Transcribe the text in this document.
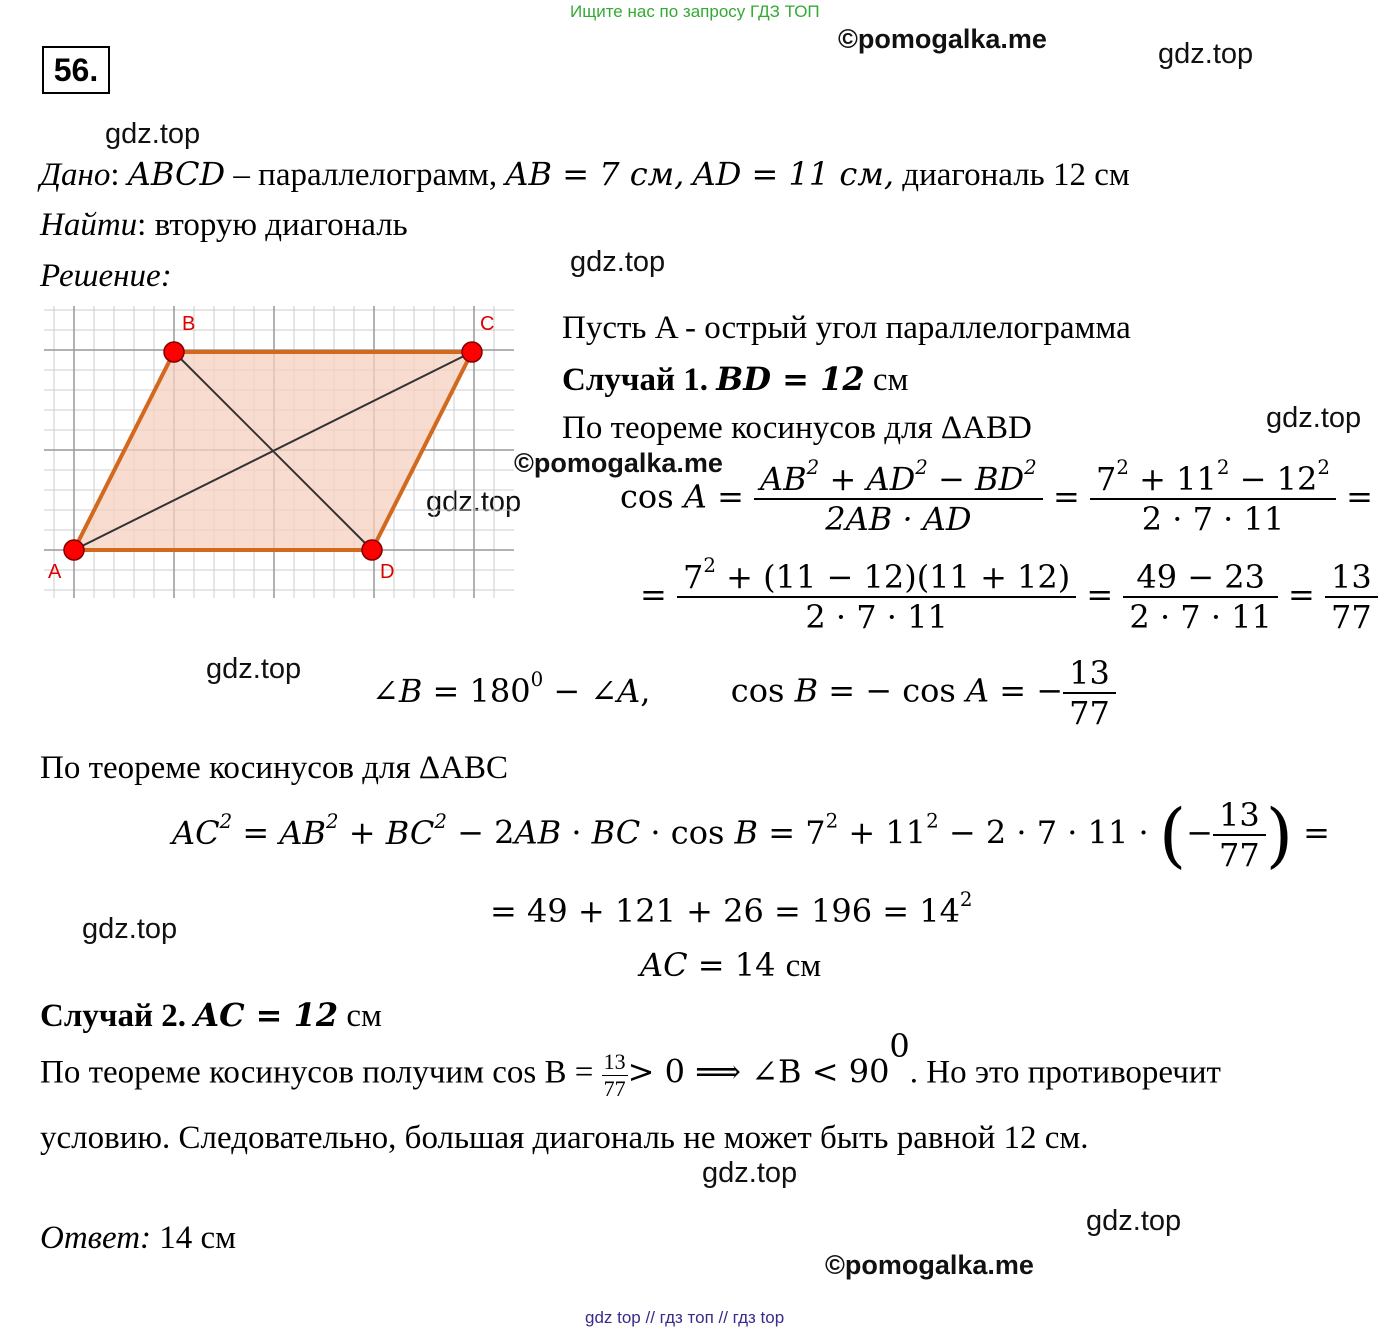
Ищите нас по запросу ГДЗ ТОП
56.
©pomogalka.me	gdz.top
gdz.top
gdz.top
gdz.top
©pomogalka.me
gdz.top
gdz.top
gdz.top
gdz.top
gdz.top
©pomogalka.me
Дано: ABCD – параллелограмм, AB = 7 см, AD = 11 см, диагональ 12 см
Найти: вторую диагональ
Решение:
A
B	C
D
Пусть A - острый угол параллелограмма
Случай 1. BD = 12 см
По теореме косинусов для ΔABD
$\cos A = \frac{AB^2 + AD^2 - BD^2}{2AB \cdot AD} = \frac{7^2 + 11^2 - 12^2}{2 \cdot 7 \cdot 11}$ =
= $\frac{7^2 + (11 - 12)(11 + 12)}{2 \cdot 7 \cdot 11} = \frac{49 - 23}{2 \cdot 7 \cdot 11} = \frac{13}{77}$
∠B = $180^0$ − ∠A,	cos B = − cos A = − $\frac{13}{77}$
По теореме косинусов для ΔABC
$AC^2 = AB^2 + BC^2 - 2AB$ · BC · $\cos B = 7^2 + 11^2 - 2 \cdot 7 \cdot 11$ · (− $\frac{13}{77}$ ) =
= $49 + 121 + 26 = 196 = 14^2$
AC = 14 см
Случай 2. AC = 12 см
По теореме косинусов получим $\cos B = \frac{13}{77} > 0$ ⟹ ∠B < $90^0$. Но это противоречит
условию. Следовательно, большая диагональ не может быть равной 12 см.
Ответ: 14 см
gdz top // гдз топ // гдз top
